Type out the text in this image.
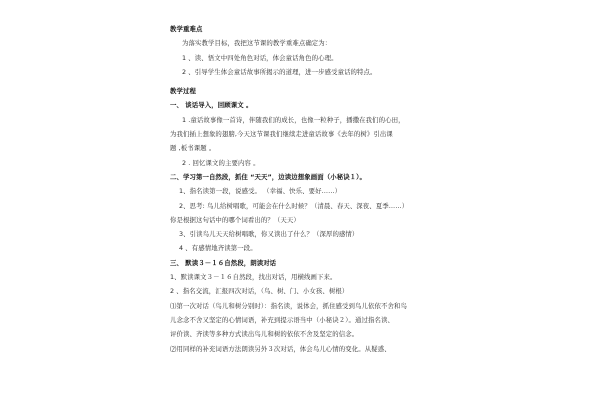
教学重难点
为落实教学目标，我把这节课的教学重难点确定为：
1 、读、悟文中四处角色对话，体会童话角色的心理。
2 、引导学生体会童话故事所揭示的道理，进一步感受童话的特点。
教学过程
一、 谈话导入，回顾课文 。
1 .童话故事像一首诗，伴随我们的成长，也像一粒种子，播撒在我们的心田，
为我们插上想象的翅膀,今天这节课我们继续走进童话故事《去年的树》引出课
题 ,板书课题 。
2 . 回忆课文的主要内容 。
二、学习第一自然段，抓住 “天天”，边读边想象画面（小秘诀１）。
1、指名读第一段，说感受。 （幸福、快乐、要好……）
2、思考: 鸟儿给树唱歌，可能会在什么时候？（清晨、春天、深夜、夏季……）
你是根据这句话中的哪个词看出的？（天天）
3、引读鸟儿天天给树唱歌，你又读出了什么？（深厚的感情）
4 、有感情地齐读第一段。
三、 默读３－１６自然段，朗读对话
1、默读课文３－１６自然段，找出对话，用横线画下来。
2 、指名交流，汇报四次对话，（鸟、树、门、小女孩、树根）
⑴第一次对话（鸟儿和树分别时）：指名读，说体会，抓住感受到鸟儿依依不舍和鸟
儿念念不舍又坚定的心情词语，补充到提示语当中（小秘诀２）。通过指名读、
评价读、齐读等多种方式读出鸟儿和树的依依不舍及坚定的信念。
⑵用同样的补充词语方法朗读另外３次对话，体会鸟儿心情的变化。从疑惑、
